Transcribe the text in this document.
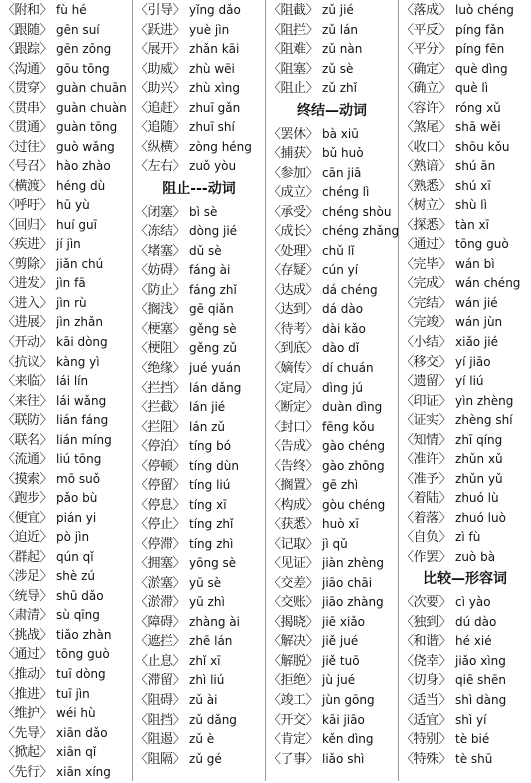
〈附和〉 fù hé
〈跟随〉 gēn suí
〈跟踪〉 gēn zōng
〈沟通〉 gōu tōng
〈贯穿〉 guàn chuān
〈贯串〉 guàn chuàn
〈贯通〉 guàn tōng
〈过往〉 guò wǎng
〈号召〉 hào zhào
〈横渡〉 héng dù
〈呼吁〉 hū yù
〈回归〉 huí guī
〈疾进〉 jí jìn
〈剪除〉 jiǎn chú
〈进发〉 jìn fā
〈进入〉 jìn rù
〈进展〉 jìn zhǎn
〈开动〉 kāi dòng
〈抗议〉 kàng yì
〈来临〉 lái lín
〈来往〉 lái wǎng
〈联防〉 lián fáng
〈联名〉 lián míng
〈流通〉 liú tōng
〈摸索〉 mō suǒ
〈跑步〉 pǎo bù
〈便宜〉 pián yi
〈迫近〉 pò jìn
〈群起〉 qún qǐ
〈涉足〉 shè zú
〈统导〉 shū dǎo
〈肃清〉 sù qīng
〈挑战〉 tiǎo zhàn
〈通过〉 tōng guò
〈推动〉 tuī dòng
〈推进〉 tuī jìn
〈维护〉 wéi hù
〈先导〉 xiān dǎo
〈掀起〉 xiān qǐ
〈先行〉 xiān xíng
〈引导〉 yǐng dǎo
〈跃进〉 yuè jìn
〈展开〉 zhǎn kāi
〈助威〉 zhù wēi
〈助兴〉 zhù xìng
〈追赶〉 zhuī gǎn
〈追随〉 zhuī shí
〈纵横〉 zòng héng
〈左右〉 zuǒ yòu
阻止---动词
〈闭塞〉 bì sè
〈冻结〉 dòng jié
〈堵塞〉 dǔ sè
〈妨碍〉 fáng ài
〈防止〉 fáng zhǐ
〈搁浅〉 gē qiǎn
〈梗塞〉 gěng sè
〈梗阻〉 gěng zǔ
〈绝缘〉 jué yuán
〈拦挡〉 lán dǎng
〈拦截〉 lán jié
〈拦阻〉 lán zǔ
〈停泊〉 tíng bó
〈停顿〉 tíng dùn
〈停留〉 tíng liú
〈停息〉 tíng xī
〈停止〉 tíng zhǐ
〈停滞〉 tíng zhì
〈拥塞〉 yōng sè
〈淤塞〉 yū sè
〈淤滞〉 yū zhì
〈障碍〉 zhàng ài
〈遮拦〉 zhē lán
〈止息〉 zhǐ xī
〈滞留〉 zhì liú
〈阻碍〉 zǔ ài
〈阻挡〉 zǔ dǎng
〈阻遏〉 zǔ è
〈阻隔〉 zǔ gé
〈阻截〉 zǔ jié
〈阻拦〉 zǔ lán
〈阻难〉 zǔ nàn
〈阻塞〉 zǔ sè
〈阻止〉 zǔ zhǐ
终结—动词
〈罢休〉 bà xiū
〈捕获〉 bǔ huò
〈参加〉 cān jiā
〈成立〉 chéng lì
〈承受〉 chéng shòu
〈成长〉 chéng zhǎng
〈处理〉 chǔ lǐ
〈存疑〉 cún yí
〈达成〉 dá chéng
〈达到〉 dá dào
〈待考〉 dài kǎo
〈到底〉 dào dǐ
〈嫡传〉 dí chuán
〈定局〉 dìng jú
〈断定〉 duàn dìng
〈封口〉 fēng kǒu
〈告成〉 gào chéng
〈告终〉 gào zhōng
〈搁置〉 gē zhì
〈构成〉 gòu chéng
〈获悉〉 huò xī
〈记取〉 jì qǔ
〈见证〉 jiàn zhèng
〈交差〉 jiāo chāi
〈交账〉 jiāo zhàng
〈揭晓〉 jiē xiǎo
〈解决〉 jiě jué
〈解脱〉 jiě tuō
〈拒绝〉 jù jué
〈竣工〉 jùn gōng
〈开交〉 kāi jiāo
〈肯定〉 kěn dìng
〈了事〉 liǎo shì
〈落成〉 luò chéng
〈平反〉 píng fǎn
〈平分〉 píng fēn
〈确定〉 què dìng
〈确立〉 què lì
〈容许〉 róng xǔ
〈煞尾〉 shā wěi
〈收口〉 shōu kǒu
〈熟谙〉 shú ān
〈熟悉〉 shú xī
〈树立〉 shù lì
〈探悉〉 tàn xī
〈通过〉 tōng guò
〈完毕〉 wán bì
〈完成〉 wán chéng
〈完结〉 wán jié
〈完竣〉 wán jùn
〈小结〉 xiǎo jié
〈移交〉 yí jiāo
〈遗留〉 yí liú
〈印证〉 yìn zhèng
〈证实〉 zhèng shí
〈知情〉 zhī qíng
〈准许〉 zhǔn xǔ
〈准予〉 zhǔn yǔ
〈着陆〉 zhuó lù
〈着落〉 zhuó luò
〈自负〉 zì fù
〈作罢〉 zuò bà
比较—形容词
〈次要〉 cì yào
〈独到〉 dú dào
〈和谐〉 hé xié
〈侥幸〉 jiǎo xìng
〈切身〉 qiē shēn
〈适当〉 shì dàng
〈适宜〉 shì yí
〈特别〉 tè bié
〈特殊〉 tè shū
